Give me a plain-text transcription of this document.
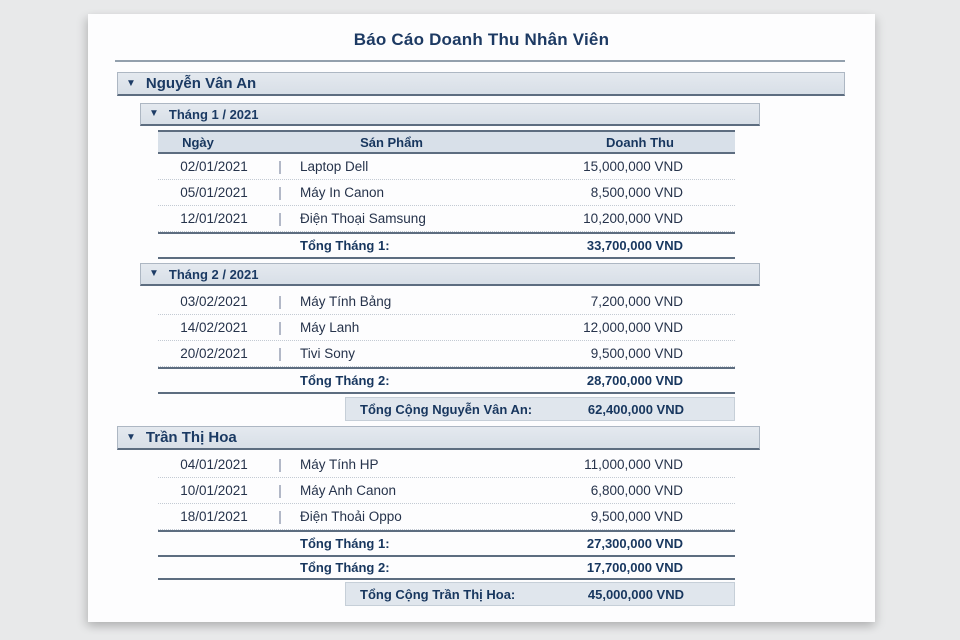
Báo Cáo Doanh Thu Nhân Viên
▼ Nguyễn Vân An
▼ Tháng 1 / 2021
Ngày	Sán Phẩm	Doanh Thu
02/01/2021	|	Laptop Dell	15,000,000 VND
05/01/2021	|	Máy In Canon	8,500,000 VND
12/01/2021	|	Điện Thoại Samsung	10,200,000 VND
Tổng Tháng 1:	33,700,000 VND
▼ Tháng 2 / 2021
03/02/2021	|	Máy Tính Bảng	7,200,000 VND
14/02/2021	|	Máy Lanh	12,000,000 VND
20/02/2021	|	Tivi Sony	9,500,000 VND
Tổng Tháng 2:	28,700,000 VND
Tổng Cộng Nguyễn Vân An:	62,400,000 VND
▼ Trần Thị Hoa
04/01/2021	|	Máy Tính HP	11,000,000 VND
10/01/2021	|	Máy Anh Canon	6,800,000 VND
18/01/2021	|	Điện Thoải Oppo	9,500,000 VND
Tổng Tháng 1:	27,300,000 VND
Tổng Tháng 2:	17,700,000 VND
Tổng Cộng Trần Thị Hoa:	45,000,000 VND
